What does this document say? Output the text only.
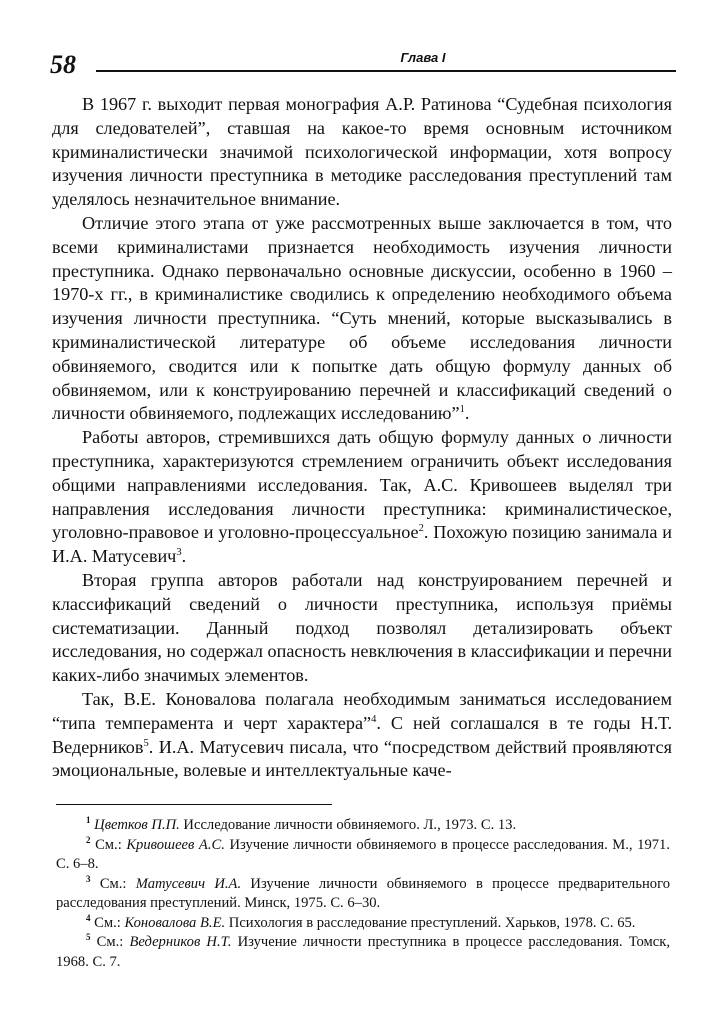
58	Глава I

В 1967 г. выходит первая монография А.Р. Ратинова “Судебная психология для следователей”, ставшая на какое-то время основным источником криминалистически значимой психологической информации, хотя вопросу изучения личности преступника в методике расследования преступлений там уделялось незначительное внимание.

Отличие этого этапа от уже рассмотренных выше заключается в том, что всеми криминалистами признается необходимость изучения личности преступника. Однако первоначально основные дискуссии, особенно в 1960 – 1970-х гг., в криминалистике сводились к определению необходимого объема изучения личности преступника. “Суть мнений, которые высказывались в криминалистической литературе об объеме исследования личности обвиняемого, сводится или к попытке дать общую формулу данных об обвиняемом, или к конструированию перечней и классификаций сведений о личности обвиняемого, подлежащих исследованию”$^1$.

Работы авторов, стремившихся дать общую формулу данных о личности преступника, характеризуются стремлением ограничить объект исследования общими направлениями исследования. Так, А.С. Кривошеев выделял три направления исследования личности преступника: криминалистическое, уголовно-правовое и уголовно-процессуальное$^2$. Похожую позицию занимала и И.А. Матусевич$^3$.

Вторая группа авторов работали над конструированием перечней и классификаций сведений о личности преступника, используя приёмы систематизации. Данный подход позволял детализировать объект исследования, но содержал опасность невключения в классификации и перечни каких-либо значимых элементов.

Так, В.Е. Коновалова полагала необходимым заниматься исследованием “типа темперамента и черт характера”$^4$. С ней соглашался в те годы Н.Т. Ведерников$^5$. И.А. Матусевич писала, что “посредством действий проявляются эмоциональные, волевые и интеллектуальные каче-

$^1$ Цветков П.П. Исследование личности обвиняемого. Л., 1973. С. 13.

$^2$ См.: Кривошеев А.С. Изучение личности обвиняемого в процессе расследования. М., 1971. С. 6–8.

$^3$ См.: Матусевич И.А. Изучение личности обвиняемого в процессе предварительного расследования преступлений. Минск, 1975. С. 6–30.

$^4$ См.: Коновалова В.Е. Психология в расследование преступлений. Харьков, 1978. С. 65.

$^5$ См.: Ведерников Н.Т. Изучение личности преступника в процессе расследования. Томск, 1968. С. 7.
